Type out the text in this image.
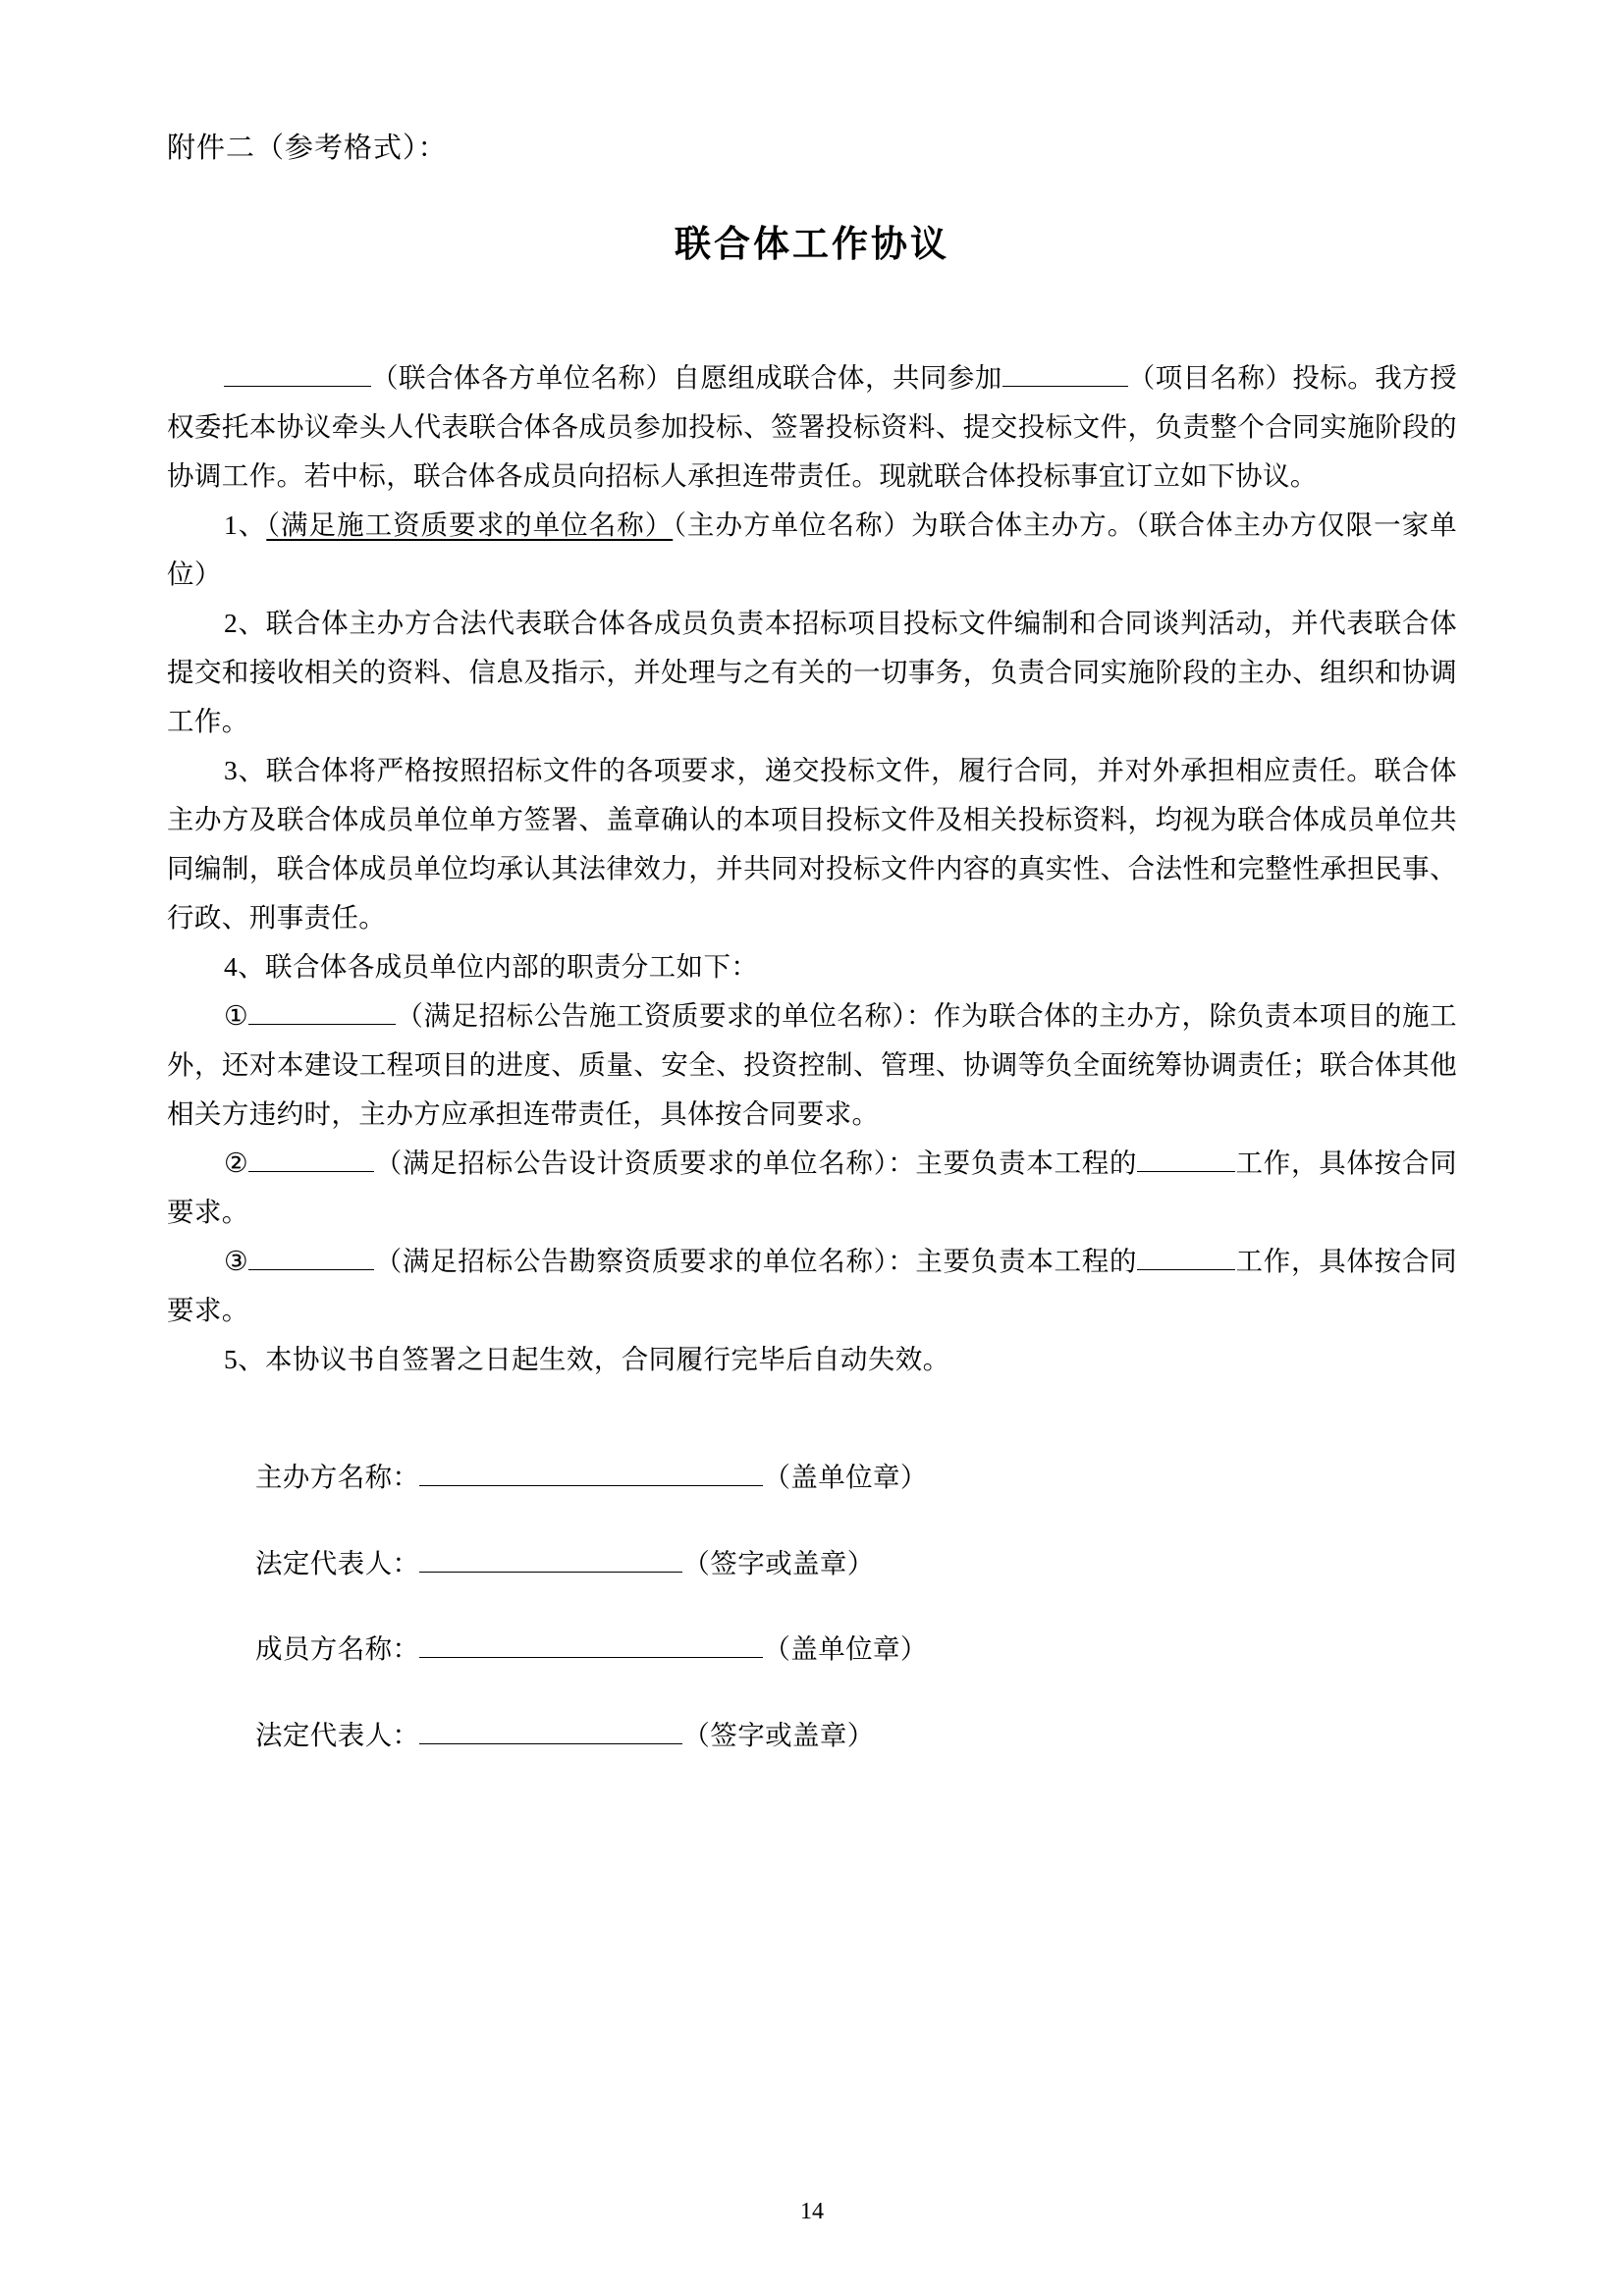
附件二（参考格式）：
联合体工作协议

（联合体各方单位名称）自愿组成联合体，共同参加	（项目名称）投标。我方授权委托本协议牵头人代表联合体各成员参加投标、签署投标资料、提交投标文件，负责整个合同实施阶段的协调工作。若中标，联合体各成员向招标人承担连带责任。现就联合体投标事宜订立如下协议。

1、（满足施工资质要求的单位名称）（主办方单位名称）为联合体主办方。（联合体主办方仅限一家单位）

2、联合体主办方合法代表联合体各成员负责本招标项目投标文件编制和合同谈判活动，并代表联合体提交和接收相关的资料、信息及指示，并处理与之有关的一切事务，负责合同实施阶段的主办、组织和协调工作。

3、联合体将严格按照招标文件的各项要求，递交投标文件，履行合同，并对外承担相应责任。联合体主办方及联合体成员单位单方签署、盖章确认的本项目投标文件及相关投标资料，均视为联合体成员单位共同编制，联合体成员单位均承认其法律效力，并共同对投标文件内容的真实性、合法性和完整性承担民事、行政、刑事责任。

4、联合体各成员单位内部的职责分工如下：

①	（满足招标公告施工资质要求的单位名称）：作为联合体的主办方，除负责本项目的施工外，还对本建设工程项目的进度、质量、安全、投资控制、管理、协调等负全面统筹协调责任；联合体其他相关方违约时，主办方应承担连带责任，具体按合同要求。

②	（满足招标公告设计资质要求的单位名称）：主要负责本工程的	工作，具体按合同要求。

③	（满足招标公告勘察资质要求的单位名称）：主要负责本工程的	工作，具体按合同要求。

5、本协议书自签署之日起生效，合同履行完毕后自动失效。

主办方名称：	（盖单位章）
法定代表人：	（签字或盖章）
成员方名称：	（盖单位章）
法定代表人：	（签字或盖章）
14
